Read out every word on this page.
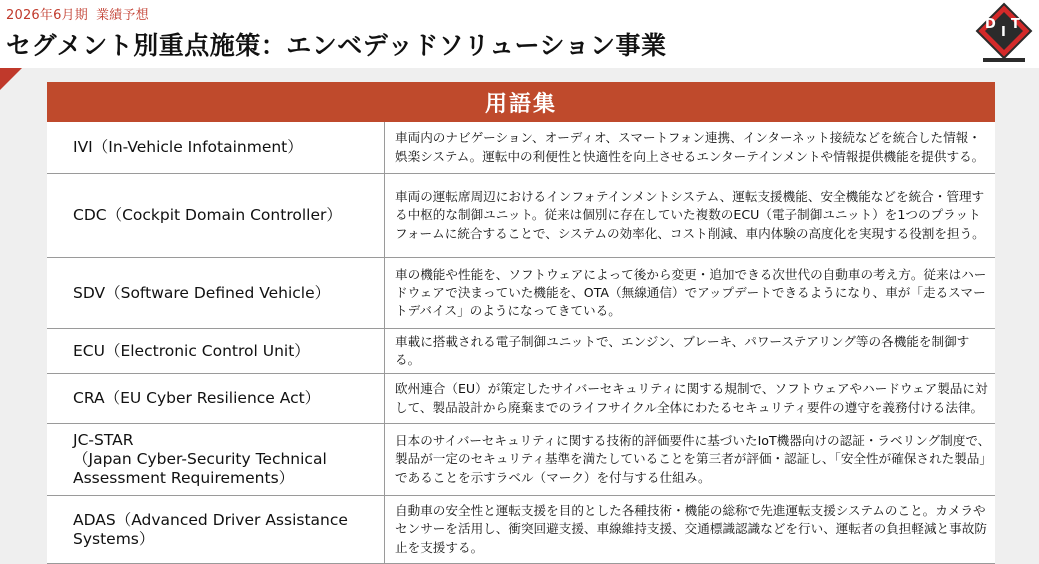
2026年6月期 業績予想
セグメント別重点施策：エンベデッドソリューション事業
D
I
T
用語集
IVI（In-Vehicle Infotainment）
車両内のナビゲーション、オーディオ、スマートフォン連携、インターネット接続などを統合した情報・娯楽システム。運転中の利便性と快適性を向上させるエンターテインメントや情報提供機能を提供する。
CDC（Cockpit Domain Controller）
車両の運転席周辺におけるインフォテインメントシステム、運転支援機能、安全機能などを統合・管理する中枢的な制御ユニット。従来は個別に存在していた複数のECU（電子制御ユニット）を1つのプラットフォームに統合することで、システムの効率化、コスト削減、車内体験の高度化を実現する役割を担う。
SDV（Software Defined Vehicle）
車の機能や性能を、ソフトウェアによって後から変更・追加できる次世代の自動車の考え方。従来はハードウェアで決まっていた機能を、OTA（無線通信）でアップデートできるようになり、車が「走るスマートデバイス」のようになってきている。
ECU（Electronic Control Unit）
車載に搭載される電子制御ユニットで、エンジン、ブレーキ、パワーステアリング等の各機能を制御する。
CRA（EU Cyber Resilience Act）
欧州連合（EU）が策定したサイバーセキュリティに関する規制で、ソフトウェアやハードウェア製品に対して、製品設計から廃棄までのライフサイクル全体にわたるセキュリティ要件の遵守を義務付ける法律。
JC-STAR
（Japan Cyber-Security Technical
Assessment Requirements）
日本のサイバーセキュリティに関する技術的評価要件に基づいたIoT機器向けの認証・ラベリング制度で、製品が一定のセキュリティ基準を満たしていることを第三者が評価・認証し、「安全性が確保された製品」であることを示すラベル（マーク）を付与する仕組み。
ADAS（Advanced Driver Assistance
Systems）
自動車の安全性と運転支援を目的とした各種技術・機能の総称で先進運転支援システムのこと。カメラやセンサーを活用し、衝突回避支援、車線維持支援、交通標識認識などを行い、運転者の負担軽減と事故防止を支援する。
